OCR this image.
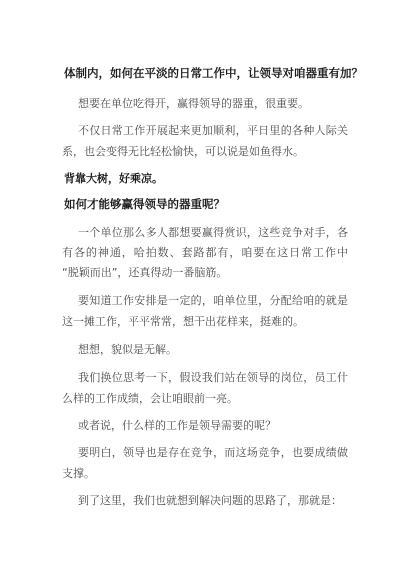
体制内，如何在平淡的日常工作中，让领导对咱器重有加？
想要在单位吃得开，赢得领导的器重，很重要。
不仅日常工作开展起来更加顺利，平日里的各种人际关
系，也会变得无比轻松愉快，可以说是如鱼得水。
背靠大树，好乘凉。
如何才能够赢得领导的器重呢？
一个单位那么多人都想要赢得赏识，这些竞争对手，各
有各的神通，哈拍数、套路都有，咱要在这日常工作中
“脱颖而出”，还真得动一番脑筋。
要知道工作安排是一定的，咱单位里，分配给咱的就是
这一摊工作，平平常常，想干出花样来，挺难的。
想想，貌似是无解。
我们换位思考一下，假设我们站在领导的岗位，员工什
么样的工作成绩，会让咱眼前一亮。
或者说，什么样的工作是领导需要的呢？
要明白，领导也是存在竞争，而这场竞争，也要成绩做
支撑。
到了这里，我们也就想到解决问题的思路了，那就是：
